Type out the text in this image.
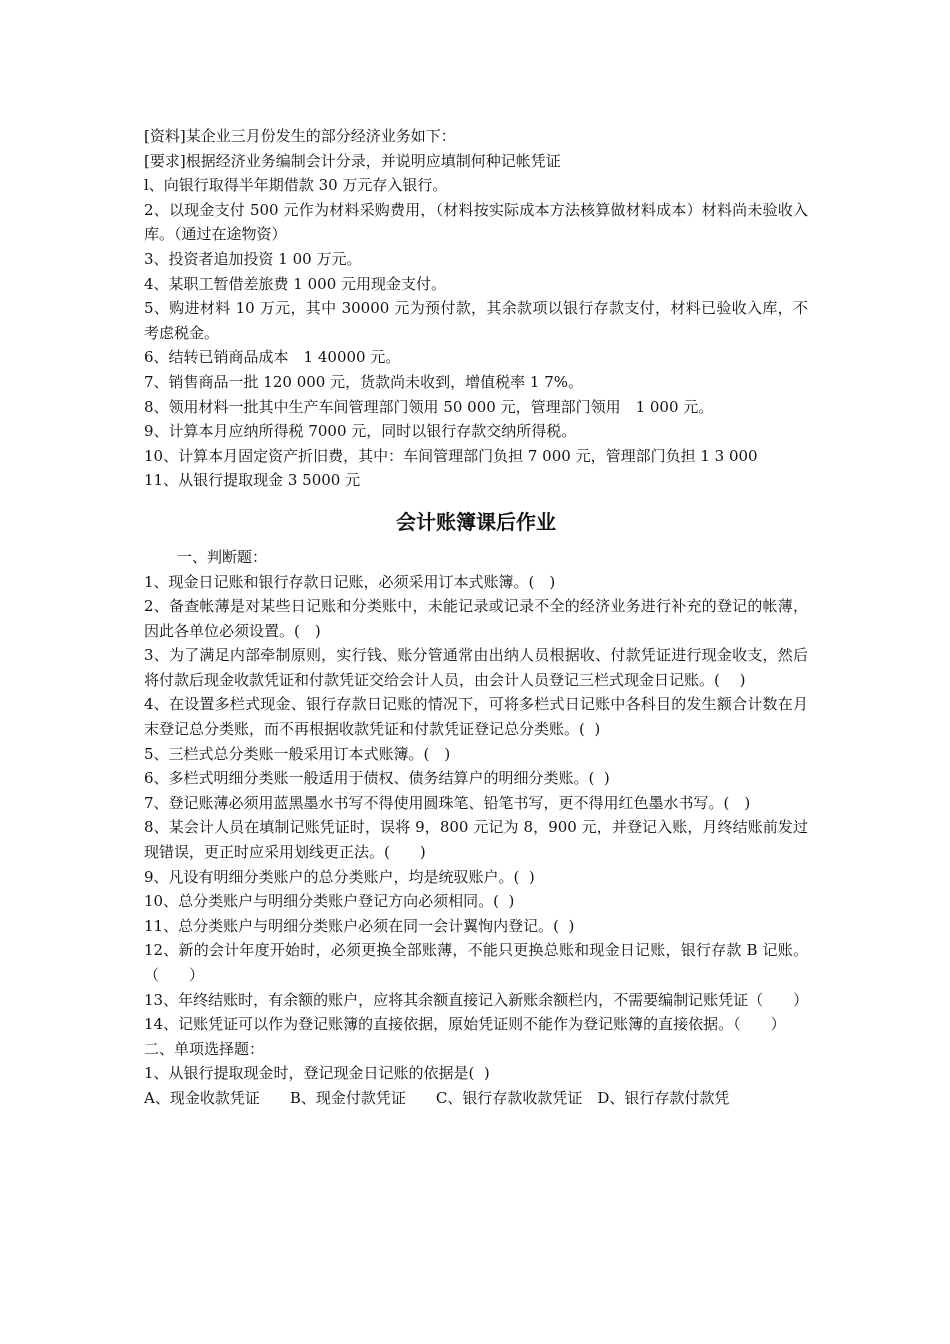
[资料]某企业三月份发生的部分经济业务如下：
[要求]根据经济业务编制会计分录，并说明应填制何种记帐凭证
l、向银行取得半年期借款 30 万元存入银行。
2、以现金支付 500 元作为材料采购费用，（材料按实际成本方法核算做材料成本）材料尚未验收入库。（通过在途物资）
3、投资者追加投资 1 00 万元。
4、某职工暂借差旅费 1 000 元用现金支付。
5、购进材料 10 万元，其中 30000 元为预付款，其余款项以银行存款支付，材料已验收入库，不考虑税金。
6、结转已销商品成本　1 40000 元。
7、销售商品一批 120 000 元，货款尚未收到，增值税率 1 7%。
8、领用材料一批其中生产车间管理部门领用 50 000 元，管理部门领用　1 000 元。
9、计算本月应纳所得税 7000 元，同时以银行存款交纳所得税。
10、计算本月固定资产折旧费，其中：车间管理部门负担 7 000 元，管理部门负担 1 3 000
11、从银行提取现金 3 5000 元
会计账簿课后作业
一、判断题：
1、现金日记账和银行存款日记账，必须采用订本式账簿。(　)
2、备查帐薄是对某些日记账和分类账中，未能记录或记录不全的经济业务进行补充的登记的帐薄，因此各单位必须设置。(　)
3、为了满足内部牵制原则，实行钱、账分管通常由出纳人员根据收、付款凭证进行现金收支，然后将付款后现金收款凭证和付款凭证交给会计人员，由会计人员登记三栏式现金日记账。(　 )
4、在设置多栏式现金、银行存款日记账的情况下，可将多栏式日记账中各科目的发生额合计数在月末登记总分类账，而不再根据收款凭证和付款凭证登记总分类账。(  )
5、三栏式总分类账一般采用订本式账簿。(　)
6、多栏式明细分类账一般适用于债权、债务结算户的明细分类账。(  )
7、登记账薄必须用蓝黑墨水书写不得使用圆珠笔、铅笔书写，更不得用红色墨水书写。(　)
8、某会计人员在填制记账凭证时，误将 9，800 元记为 8，900 元，并登记入账，月终结账前发过现错误，更正时应采用划线更正法。(　　)
9、凡设有明细分类账户的总分类账户，均是统驭账户。(  )
10、总分类账户与明细分类账户登记方向必须相同。(  )
11、总分类账户与明细分类账户必须在同一会计翼恂内登记。(  )
12、新的会计年度开始时，必须更换全部账薄，不能只更换总账和现金日记账，银行存款 B 记账。（　　）
13、年终结账时，有余额的账户，应将其余额直接记入新账余额栏内，不需要编制记账凭证（　　）
14、记账凭证可以作为登记账簿的直接依据，原始凭证则不能作为登记账簿的直接依据。（　　）
二、单项选择题：
1、从银行提取现金时，登记现金日记账的依据是(  )
A、现金收款凭证　　B、现金付款凭证　　C、银行存款收款凭证　D、银行存款付款凭
